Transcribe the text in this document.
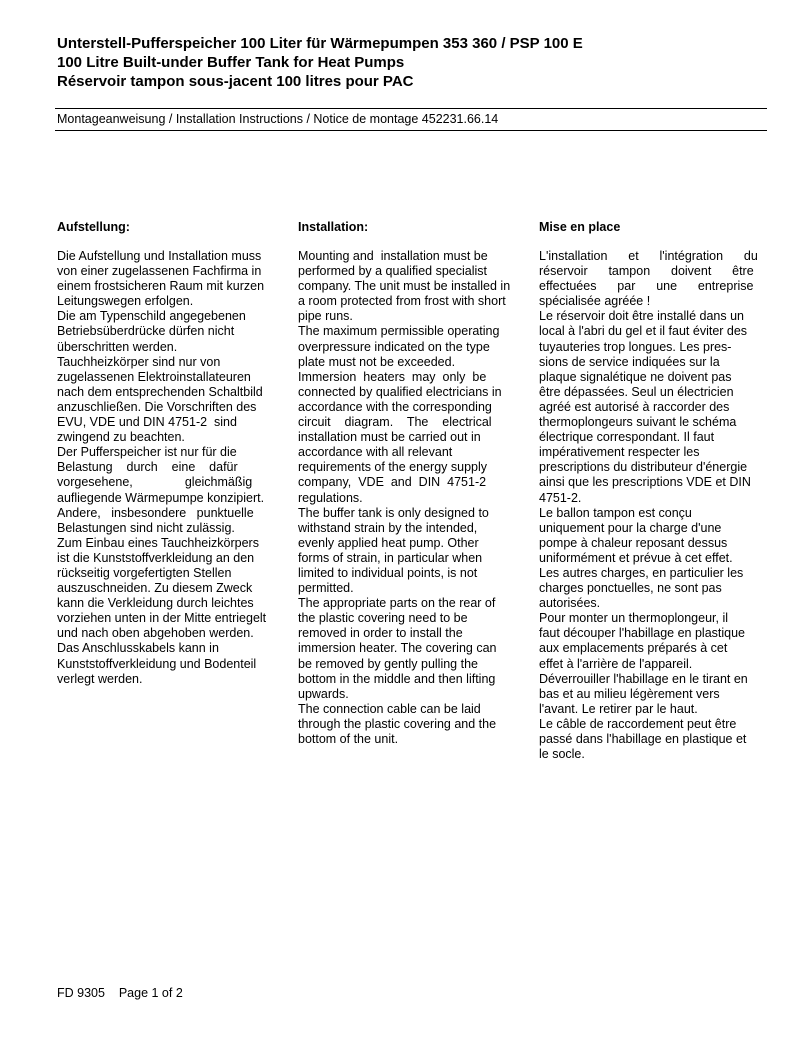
Unterstell-Pufferspeicher 100 Liter für Wärmepumpen 353 360 / PSP 100 E
100 Litre Built-under Buffer Tank for Heat Pumps
Réservoir tampon sous-jacent 100 litres pour PAC
Montageanweisung / Installation Instructions / Notice de montage 452231.66.14
Aufstellung:
Die Aufstellung und Installation muss
von einer zugelassenen Fachfirma in
einem frostsicheren Raum mit kurzen
Leitungswegen erfolgen.
Die am Typenschild angegebenen
Betriebsüberdrücke dürfen nicht
überschritten werden.
Tauchheizkörper sind nur von
zugelassenen Elektroinstallateuren
nach dem entsprechenden Schaltbild
anzuschließen. Die Vorschriften des
EVU, VDE und DIN 4751-2  sind
zwingend zu beachten.
Der Pufferspeicher ist nur für die
Belastung    durch    eine    dafür
vorgesehene,               gleichmäßig
aufliegende Wärmepumpe konzipiert.
Andere,   insbesondere   punktuelle
Belastungen sind nicht zulässig.
Zum Einbau eines Tauchheizkörpers
ist die Kunststoffverkleidung an den
rückseitig vorgefertigten Stellen
auszuschneiden. Zu diesem Zweck
kann die Verkleidung durch leichtes
vorziehen unten in der Mitte entriegelt
und nach oben abgehoben werden.
Das Anschlusskabels kann in
Kunststoffverkleidung und Bodenteil
verlegt werden.
Installation:
Mounting and  installation must be
performed by a qualified specialist
company. The unit must be installed in
a room protected from frost with short
pipe runs.
The maximum permissible operating
overpressure indicated on the type
plate must not be exceeded.
Immersion  heaters  may  only  be
connected by qualified electricians in
accordance with the corresponding
circuit    diagram.    The    electrical
installation must be carried out in
accordance with all relevant
requirements of the energy supply
company,  VDE  and  DIN  4751-2
regulations.
The buffer tank is only designed to
withstand strain by the intended,
evenly applied heat pump. Other
forms of strain, in particular when
limited to individual points, is not
permitted.
The appropriate parts on the rear of
the plastic covering need to be
removed in order to install the
immersion heater. The covering can
be removed by gently pulling the
bottom in the middle and then lifting
upwards.
The connection cable can be laid
through the plastic covering and the
bottom of the unit.
Mise en place
L'installation      et      l'intégration      du
réservoir      tampon      doivent      être
effectuées      par      une      entreprise
spécialisée agréée !
Le réservoir doit être installé dans un
local à l'abri du gel et il faut éviter des
tuyauteries trop longues. Les pres-
sions de service indiquées sur la
plaque signalétique ne doivent pas
être dépassées. Seul un électricien
agréé est autorisé à raccorder des
thermoplongeurs suivant le schéma
électrique correspondant. Il faut
impérativement respecter les
prescriptions du distributeur d'énergie
ainsi que les prescriptions VDE et DIN
4751-2.
Le ballon tampon est conçu
uniquement pour la charge d'une
pompe à chaleur reposant dessus
uniformément et prévue à cet effet.
Les autres charges, en particulier les
charges ponctuelles, ne sont pas
autorisées.
Pour monter un thermoplongeur, il
faut découper l'habillage en plastique
aux emplacements préparés à cet
effet à l'arrière de l'appareil.
Déverrouiller l'habillage en le tirant en
bas et au milieu légèrement vers
l'avant. Le retirer par le haut.
Le câble de raccordement peut être
passé dans l'habillage en plastique et
le socle.
FD 9305    Page 1 of 2
